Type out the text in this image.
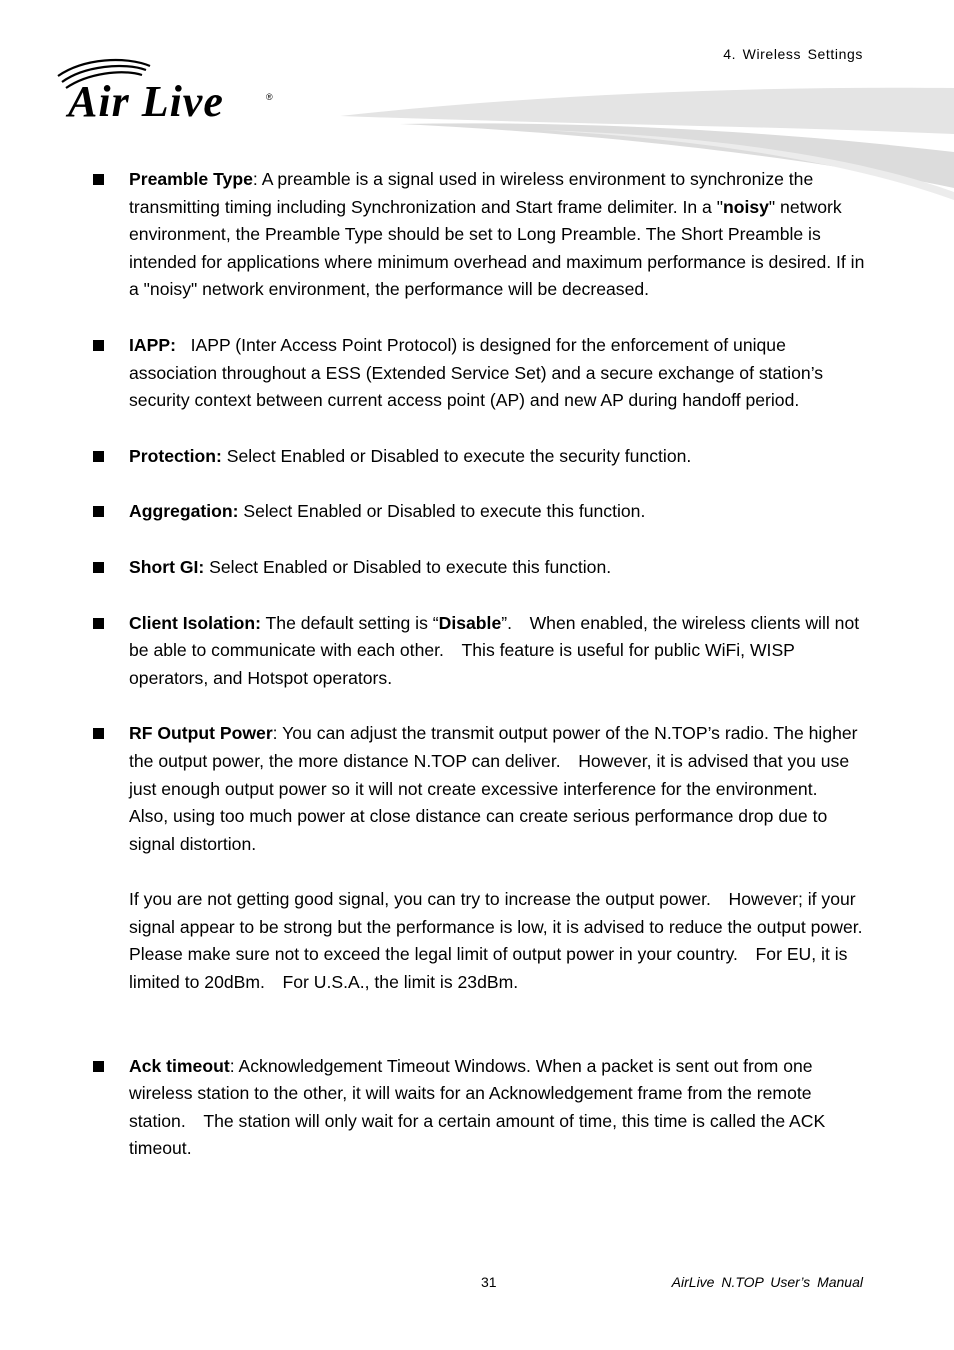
4. Wireless Settings
Air Live	®

Preamble Type: A preamble is a signal used in wireless environment to synchronize the transmitting timing including Synchronization and Start frame delimiter. In a "noisy" network environment, the Preamble Type should be set to Long Preamble. The Short Preamble is intended for applications where minimum overhead and maximum performance is desired. If in a "noisy" network environment, the performance will be decreased.

IAPP: IAPP (Inter Access Point Protocol) is designed for the enforcement of unique association throughout a ESS (Extended Service Set) and a secure exchange of station’s security context between current access point (AP) and new AP during handoff period.

Protection: Select Enabled or Disabled to execute the security function.

Aggregation: Select Enabled or Disabled to execute this function.

Short GI: Select Enabled or Disabled to execute this function.

Client Isolation: The default setting is “Disable”. When enabled, the wireless clients will not be able to communicate with each other. This feature is useful for public WiFi, WISP operators, and Hotspot operators.

RF Output Power: You can adjust the transmit output power of the N.TOP’s radio. The higher the output power, the more distance N.TOP can deliver. However, it is advised that you use just enough output power so it will not create excessive interference for the environment. Also, using too much power at close distance can create serious performance drop due to signal distortion.

If you are not getting good signal, you can try to increase the output power. However; if your signal appear to be strong but the performance is low, it is advised to reduce the output power.

Please make sure not to exceed the legal limit of output power in your country. For EU, it is limited to 20dBm. For U.S.A., the limit is 23dBm.

Ack timeout: Acknowledgement Timeout Windows. When a packet is sent out from one wireless station to the other, it will waits for an Acknowledgement frame from the remote station. The station will only wait for a certain amount of time, this time is called the ACK timeout.

31	AirLive N.TOP User’s Manual
